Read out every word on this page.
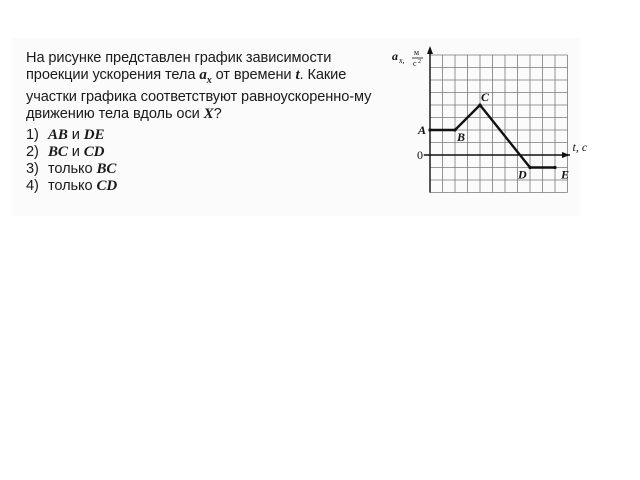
На рисунке представлен график зависимости проекции ускорения тела $a_x$ от времени t. Какие участки графика соответствуют равноускоренно-му движению тела вдоль оси X?

1) AB и DE

2) BC и CD

3) только BC

4) только CD

A	B
C
D	E
0
a x,
м
с 2
t, с
